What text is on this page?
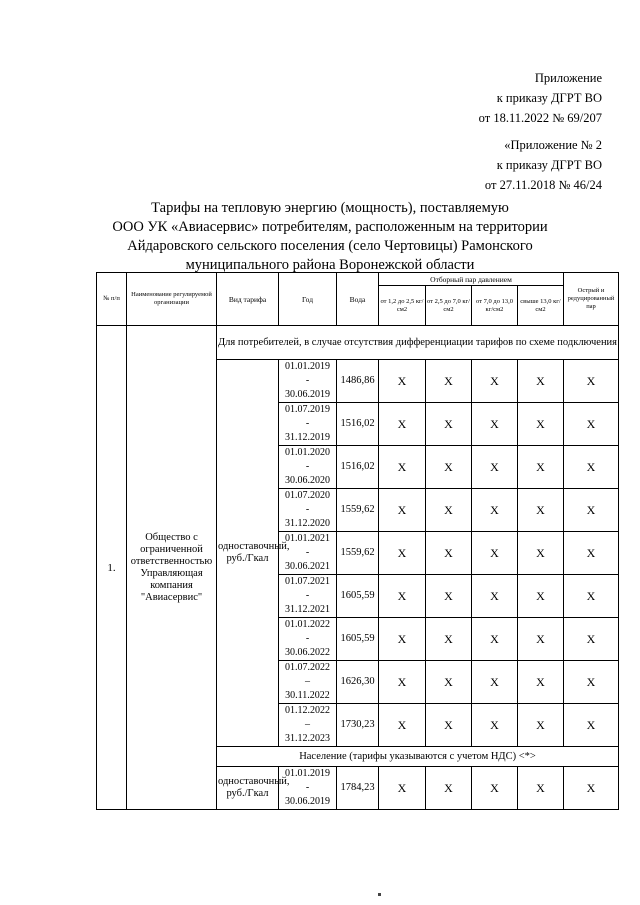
Приложение
к приказу ДГРТ ВО
от 18.11.2022 № 69/207
«Приложение № 2
к приказу ДГРТ ВО
от 27.11.2018 № 46/24
Тарифы на тепловую энергию (мощность), поставляемую
ООО УК «Авиасервис» потребителям, расположенным на территории
Айдаровского сельского поселения (село Чертовицы) Рамонского
муниципального района Воронежской области
№ п/п	Наименование регулируемой организации	Вид тарифа	Год	Вода	Отборный пар давлением				Острый и редуцированный пар
					от 1,2 до 2,5 кг/см2	от 2,5 до 7,0 кг/см2	от 7,0 до 13,0 кг/см2	свыше 13,0 кг/см2	
1.	Общество с ограниченной ответственностью Управляющая компания "Авиасервис"	Для потребителей, в случае отсутствия дифференциации тарифов по схеме подключения							
		одноставочный, руб./Гкал	01.01.2019
-
30.06.2019	1486,86	X	X	X	X	X

			01.07.2019
-
31.12.2019	1516,02	X	X	X	X	X

			01.01.2020
-
30.06.2020	1516,02	X	X	X	X	X

			01.07.2020
-
31.12.2020	1559,62	X	X	X	X	X

			01.01.2021
-
30.06.2021	1559,62	X	X	X	X	X

			01.07.2021
-
31.12.2021	1605,59	X	X	X	X	X

			01.01.2022
-
30.06.2022	1605,59	X	X	X	X	X

			01.07.2022
–
30.11.2022	1626,30	X	X	X	X	X

			01.12.2022
–
31.12.2023	1730,23	X	X	X	X	X
		Население (тарифы указываются с учетом НДС) <*>							
		одноставочный, руб./Гкал	01.01.2019
-
30.06.2019	1784,23	X	X	X	X	X
